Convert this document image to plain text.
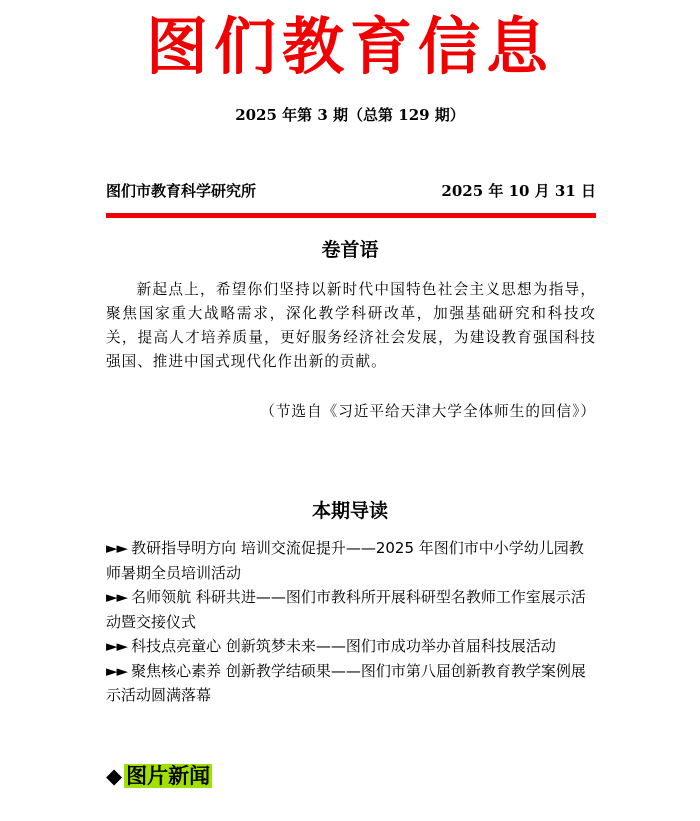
图们教育信息
2025 年第 3 期（总第 129 期）
图们市教育科学研究所	2025 年 10 月 31 日
卷首语

新起点上，希望你们坚持以新时代中国特色社会主义思想为指导，聚焦国家重大战略需求，深化教学科研改革，加强基础研究和科技攻关，提高人才培养质量，更好服务经济社会发展，为建设教育强国科技强国、推进中国式现代化作出新的贡献。

（节选自《习近平给天津大学全体师生的回信》）
本期导读

►► 教研指导明方向 培训交流促提升——2025 年图们市中小学幼儿园教师暑期全员培训活动

►► 名师领航 科研共进——图们市教科所开展科研型名教师工作室展示活动暨交接仪式

►► 科技点亮童心 创新筑梦未来——图们市成功举办首届科技展活动

►► 聚焦核心素养 创新教学结硕果——图们市第八届创新教育教学案例展示活动圆满落幕

◆ 图片新闻
